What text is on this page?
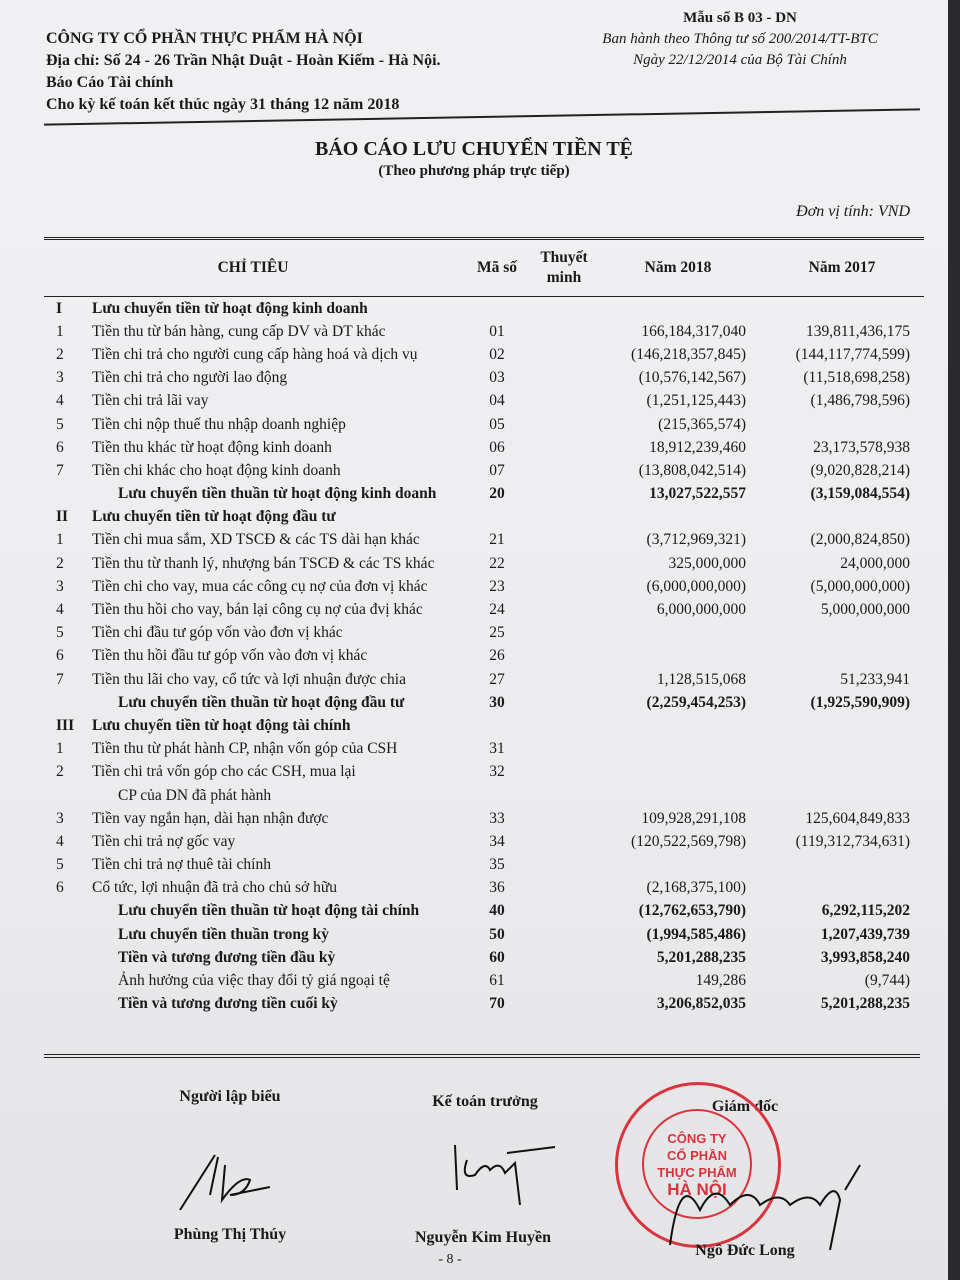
CÔNG TY CỔ PHẦN THỰC PHẨM HÀ NỘI
Địa chỉ: Số 24 - 26 Trần Nhật Duật - Hoàn Kiếm - Hà Nội.
Báo Cáo Tài chính
Cho kỳ kế toán kết thúc ngày 31 tháng 12 năm 2018
Mẫu số B 03 - DN
Ban hành theo Thông tư số 200/2014/TT-BTC
Ngày 22/12/2014 của Bộ Tài Chính
BÁO CÁO LƯU CHUYỂN TIỀN TỆ
(Theo phương pháp trực tiếp)
Đơn vị tính: VND
CHỈ TIÊU		Mã số	Thuyết minh	Năm 2018	Năm 2017
I	Lưu chuyển tiền từ hoạt động kinh doanh				
1	Tiền thu từ bán hàng, cung cấp DV và DT khác	01		166,184,317,040	139,811,436,175
2	Tiền chi trả cho người cung cấp hàng hoá và dịch vụ	02		(146,218,357,845)	(144,117,774,599)
3	Tiền chi trả cho người lao động	03		(10,576,142,567)	(11,518,698,258)
4	Tiền chi trả lãi vay	04		(1,251,125,443)	(1,486,798,596)
5	Tiền chi nộp thuế thu nhập doanh nghiệp	05		(215,365,574)	
6	Tiền thu khác từ hoạt động kinh doanh	06		18,912,239,460	23,173,578,938
7	Tiền chi khác cho hoạt động kinh doanh	07		(13,808,042,514)	(9,020,828,214)
	Lưu chuyển tiền thuần từ hoạt động kinh doanh	20		13,027,522,557	(3,159,084,554)
II	Lưu chuyển tiền từ hoạt động đầu tư				
1	Tiền chi mua sắm, XD TSCĐ & các TS dài hạn khác	21		(3,712,969,321)	(2,000,824,850)
2	Tiền thu từ thanh lý, nhượng bán TSCĐ & các TS khác	22		325,000,000	24,000,000
3	Tiền chi cho vay, mua các công cụ nợ của đơn vị khác	23		(6,000,000,000)	(5,000,000,000)
4	Tiền thu hồi cho vay, bán lại công cụ nợ của đvị khác	24		6,000,000,000	5,000,000,000
5	Tiền chi đầu tư góp vốn vào đơn vị khác	25			
6	Tiền thu hồi đầu tư góp vốn vào đơn vị khác	26			
7	Tiền thu lãi cho vay, cổ tức và lợi nhuận được chia	27		1,128,515,068	51,233,941
	Lưu chuyển tiền thuần từ hoạt động đầu tư	30		(2,259,454,253)	(1,925,590,909)
III	Lưu chuyển tiền từ hoạt động tài chính				
1	Tiền thu từ phát hành CP, nhận vốn góp của CSH	31			
2	Tiền chi trả vốn góp cho các CSH, mua lại	32			
	CP của DN đã phát hành				
3	Tiền vay ngắn hạn, dài hạn nhận được	33		109,928,291,108	125,604,849,833
4	Tiền chi trả nợ gốc vay	34		(120,522,569,798)	(119,312,734,631)
5	Tiền chi trả nợ thuê tài chính	35			
6	Cổ tức, lợi nhuận đã trả cho chủ sở hữu	36		(2,168,375,100)	
	Lưu chuyển tiền thuần từ hoạt động tài chính	40		(12,762,653,790)	6,292,115,202
	Lưu chuyển tiền thuần trong kỳ	50		(1,994,585,486)	1,207,439,739
	Tiền và tương đương tiền đầu kỳ	60		5,201,288,235	3,993,858,240
	Ảnh hưởng của việc thay đổi tỷ giá ngoại tệ	61		149,286	(9,744)
	Tiền và tương đương tiền cuối kỳ	70		3,206,852,035	5,201,288,235
Người lập biểu	Kế toán trưởng	Giám đốc
CÔNG TY
CỔ PHẦN
THỰC PHẨM
HÀ NỘI
Phùng Thị Thúy	Nguyễn Kim Huyền
Ngô Đức Long
- 8 -
